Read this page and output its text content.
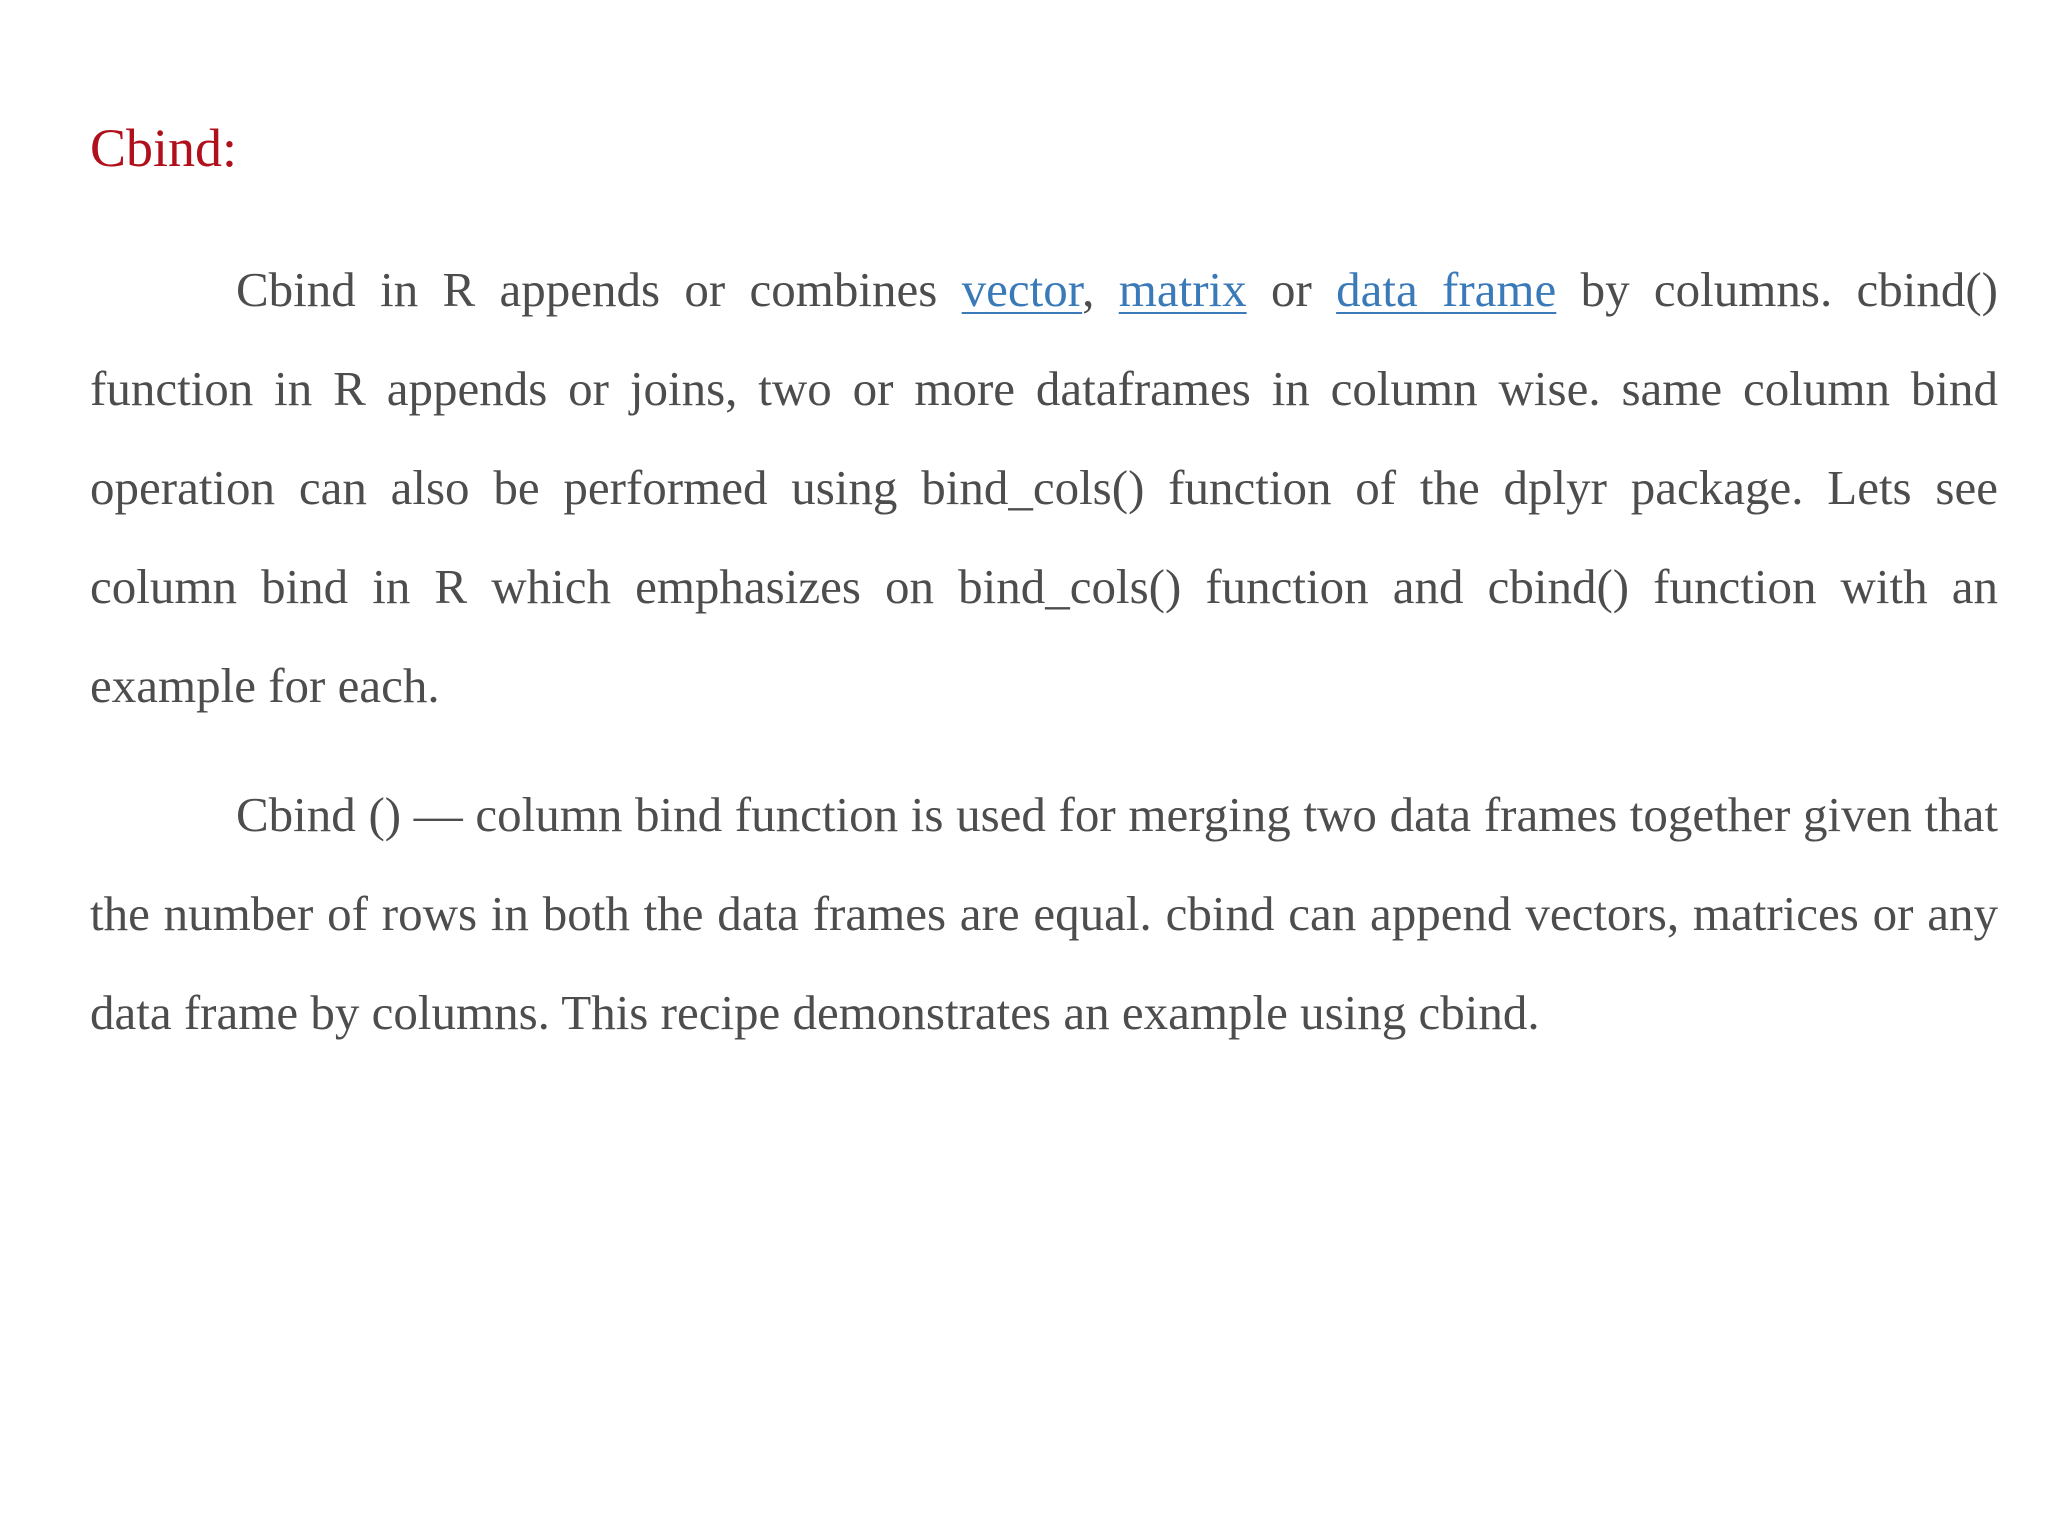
Cbind:

Cbind in R appends or combines vector, matrix or data frame by columns. cbind() function in R appends or joins, two or more dataframes in column wise. same column bind operation can also be performed using bind_cols() function of the dplyr package. Lets see column bind in R which emphasizes on bind_cols() function and cbind() function with an example for each.

Cbind () — column bind function is used for merging two data frames together given that the number of rows in both the data frames are equal. cbind can append vectors, matrices or any data frame by columns. This recipe demonstrates an example using cbind.
